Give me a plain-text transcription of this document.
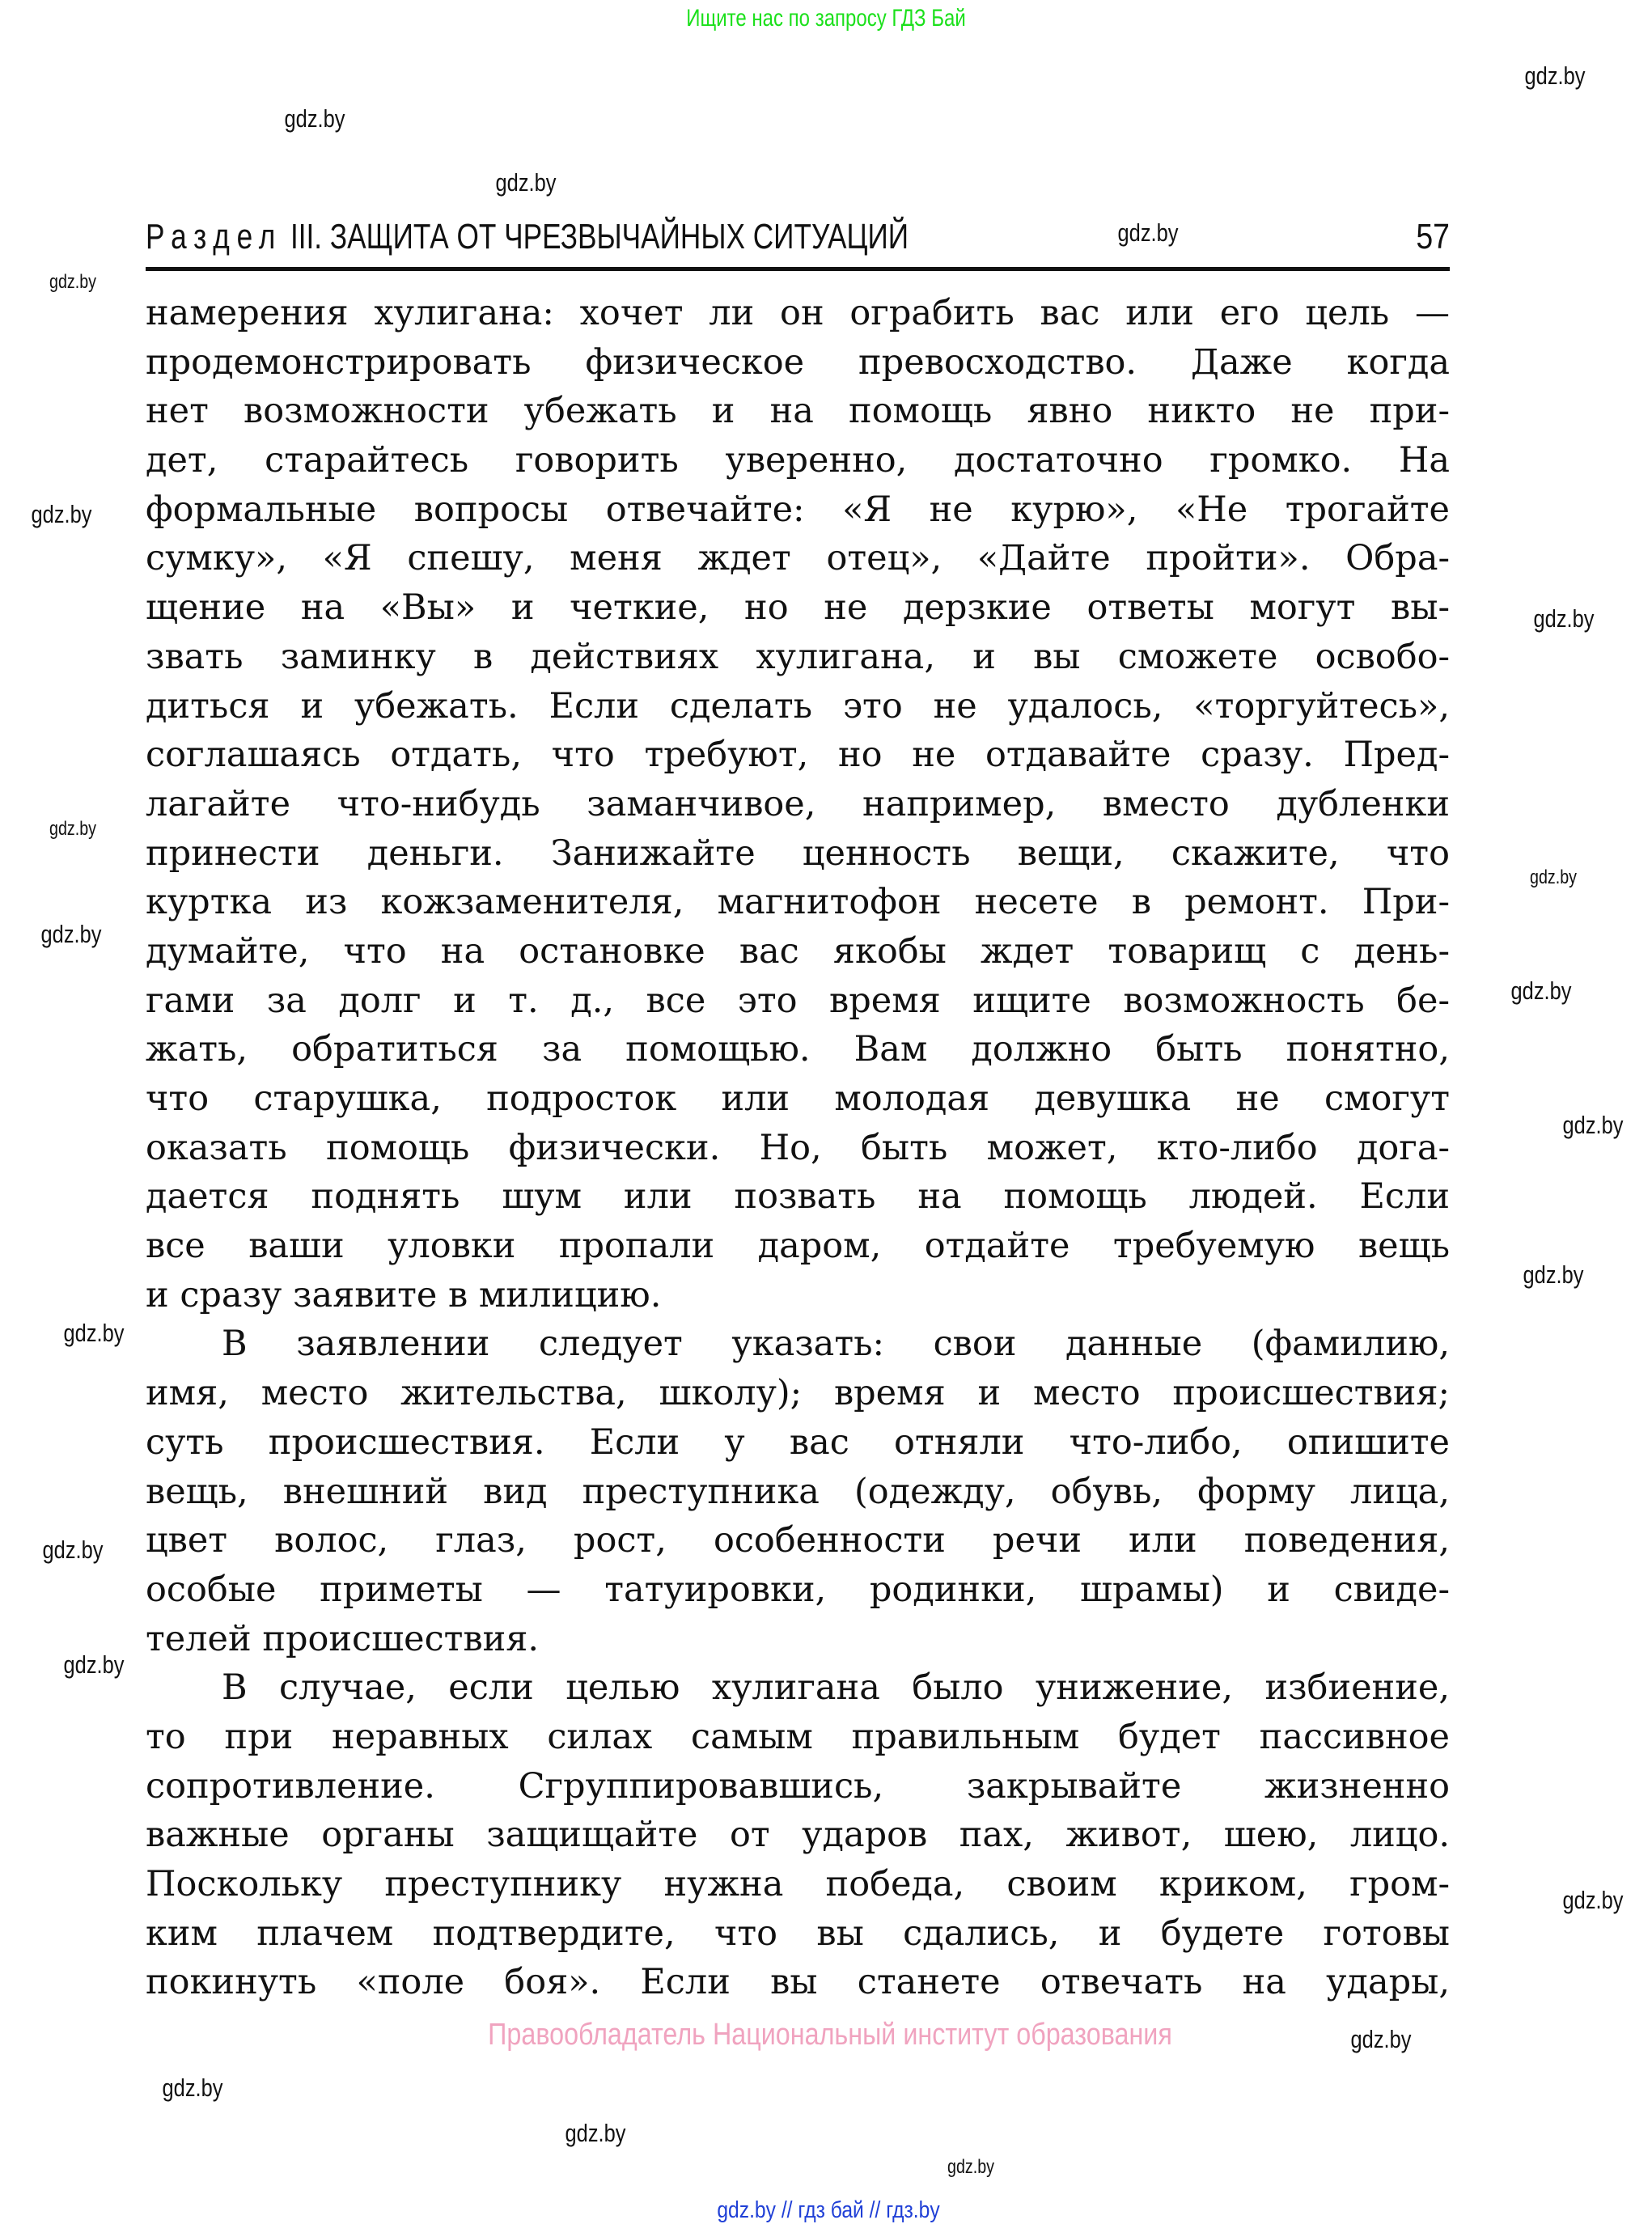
Ищите нас по запросу ГДЗ Бай
Раздел III. ЗАЩИТА ОТ ЧРЕЗВЫЧАЙНЫХ СИТУАЦИЙ	57
намерения хулигана: хочет ли он ограбить вас или его цель —
продемонстрировать физическое превосходство. Даже когда
нет возможности убежать и на помощь явно никто не при-
дет, старайтесь говорить уверенно, достаточно громко. На
формальные вопросы отвечайте: «Я не курю», «Не трогайте
сумку», «Я спешу, меня ждет отец», «Дайте пройти». Обра-
щение на «Вы» и четкие, но не дерзкие ответы могут вы-
звать заминку в действиях хулигана, и вы сможете освобо-
диться и убежать. Если сделать это не удалось, «торгуйтесь»,
соглашаясь отдать, что требуют, но не отдавайте сразу. Пред-
лагайте что-нибудь заманчивое, например, вместо дубленки
принести деньги. Занижайте ценность вещи, скажите, что
куртка из кожзаменителя, магнитофон несете в ремонт. При-
думайте, что на остановке вас якобы ждет товарищ с день-
гами за долг и т. д., все это время ищите возможность бе-
жать, обратиться за помощью. Вам должно быть понятно,
что старушка, подросток или молодая девушка не смогут
оказать помощь физически. Но, быть может, кто-либо дога-
дается поднять шум или позвать на помощь людей. Если
все ваши уловки пропали даром, отдайте требуемую вещь
и сразу заявите в милицию.
В заявлении следует указать: свои данные (фамилию,
имя, место жительства, школу); время и место происшествия;
суть происшествия. Если у вас отняли что-либо, опишите
вещь, внешний вид преступника (одежду, обувь, форму лица,
цвет волос, глаз, рост, особенности речи или поведения,
особые приметы — татуировки, родинки, шрамы) и свиде-
телей происшествия.
В случае, если целью хулигана было унижение, избиение,
то при неравных силах самым правильным будет пассивное
сопротивление. Сгруппировавшись, закрывайте жизненно
важные органы защищайте от ударов пах, живот, шею, лицо.
Поскольку преступнику нужна победа, своим криком, гром-
ким плачем подтвердите, что вы сдались, и будете готовы
покинуть «поле боя». Если вы станете отвечать на удары,
Правообладатель Национальный институт образования
gdz.by // гдз бай // гдз.by
gdz.by
gdz.by
gdz.by
gdz.by
gdz.by
gdz.by
gdz.by
gdz.by
gdz.by
gdz.by
gdz.by
gdz.by
gdz.by
gdz.by
gdz.by
gdz.by
gdz.by
gdz.by
gdz.by
gdz.by
gdz.by
